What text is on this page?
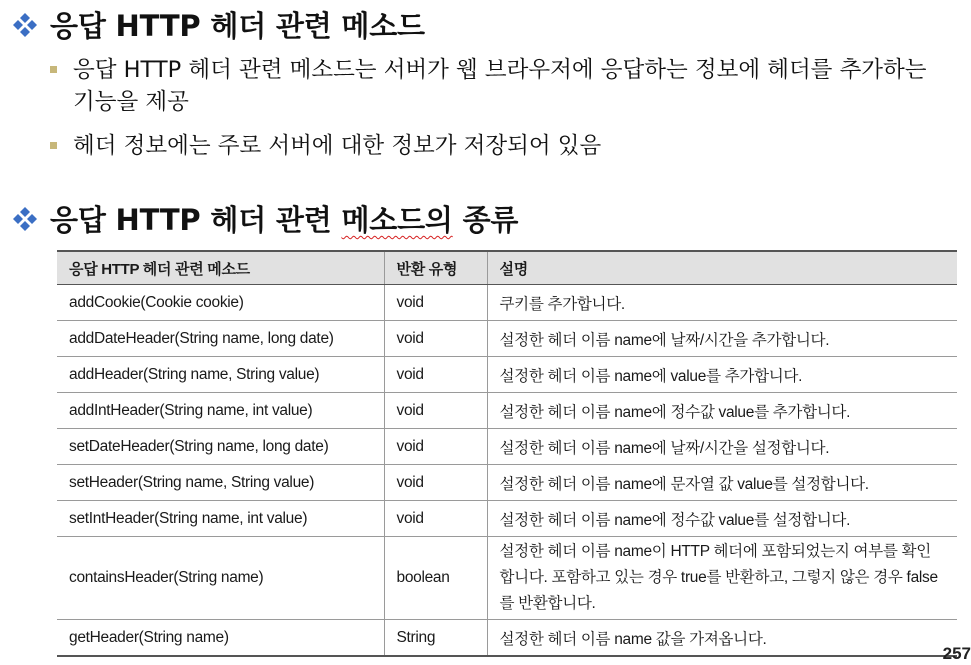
응답 HTTP 헤더 관련 메소드
응답 HTTP 헤더 관련 메소드는 서버가 웹 브라우저에 응답하는 정보에 헤더를 추가하는 기능을 제공
헤더 정보에는 주로 서버에 대한 정보가 저장되어 있음
응답 HTTP 헤더 관련 메소드의 종류
응답 HTTP 헤더 관련 메소드	반환 유형	설명
addCookie(Cookie cookie)	void	쿠키를 추가합니다.
addDateHeader(String name, long date)	void	설정한 헤더 이름 name에 날짜/시간을 추가합니다.
addHeader(String name, String value)	void	설정한 헤더 이름 name에 value를 추가합니다.
addIntHeader(String name, int value)	void	설정한 헤더 이름 name에 정수값 value를 추가합니다.
setDateHeader(String name, long date)	void	설정한 헤더 이름 name에 날짜/시간을 설정합니다.
setHeader(String name, String value)	void	설정한 헤더 이름 name에 문자열 값 value를 설정합니다.
setIntHeader(String name, int value)	void	설정한 헤더 이름 name에 정수값 value를 설정합니다.
containsHeader(String name)	boolean	설정한 헤더 이름 name이 HTTP 헤더에 포함되었는지 여부를 확인합니다. 포함하고 있는 경우 true를 반환하고, 그렇지 않은 경우 false를 반환합니다.
getHeader(String name)	String	설정한 헤더 이름 name 값을 가져옵니다.
257
